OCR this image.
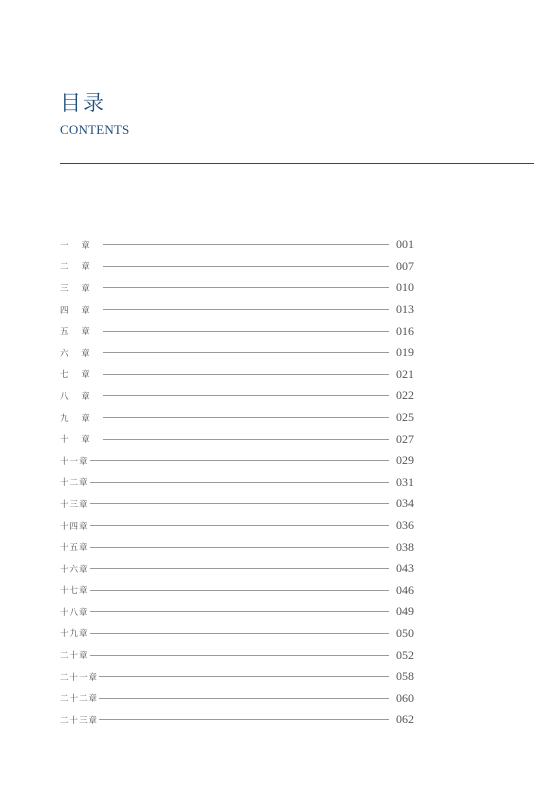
目录
CONTENTS
一 章	001
二 章	007
三 章	010
四 章	013
五 章	016
六 章	019
七 章	021
八 章	022
九 章	025
十 章	027
十一章	029
十二章	031
十三章	034
十四章	036
十五章	038
十六章	043
十七章	046
十八章	049
十九章	050
二十章	052
二十一章	058
二十二章	060
二十三章	062
